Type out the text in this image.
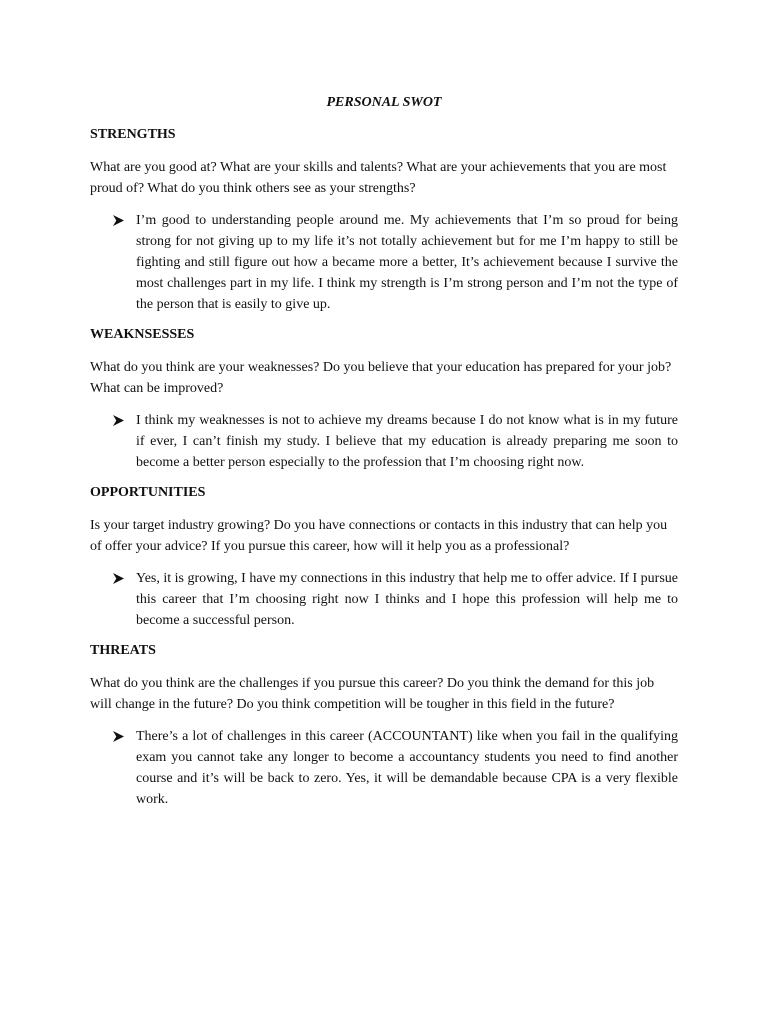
PERSONAL SWOT
STRENGTHS
What are you good at? What are your skills and talents? What are your achievements that you are most proud of? What do you think others see as your strengths?
I’m good to understanding people around me. My achievements that I’m so proud for being strong for not giving up to my life it’s not totally achievement but for me I’m happy to still be fighting and still figure out how a became more a better, It’s achievement because I survive the most challenges part in my life. I think my strength is I’m strong person and I’m not the type of the person that is easily to give up.
WEAKNSESSES
What do you think are your weaknesses? Do you believe that your education has prepared for your job? What can be improved?
I think my weaknesses is not to achieve my dreams because I do not know what is in my future if ever, I can’t finish my study. I believe that my education is already preparing me soon to become a better person especially to the profession that I’m choosing right now.
OPPORTUNITIES
Is your target industry growing? Do you have connections or contacts in this industry that can help you of offer your advice? If you pursue this career, how will it help you as a professional?
Yes, it is growing, I have my connections in this industry that help me to offer advice. If I pursue this career that I’m choosing right now I thinks and I hope this profession will help me to become a successful person.
THREATS
What do you think are the challenges if you pursue this career? Do you think the demand for this job will change in the future? Do you think competition will be tougher in this field in the future?
There’s a lot of challenges in this career (ACCOUNTANT) like when you fail in the qualifying exam you cannot take any longer to become a accountancy students you need to find another course and it’s will be back to zero. Yes, it will be demandable because CPA is a very flexible work.
